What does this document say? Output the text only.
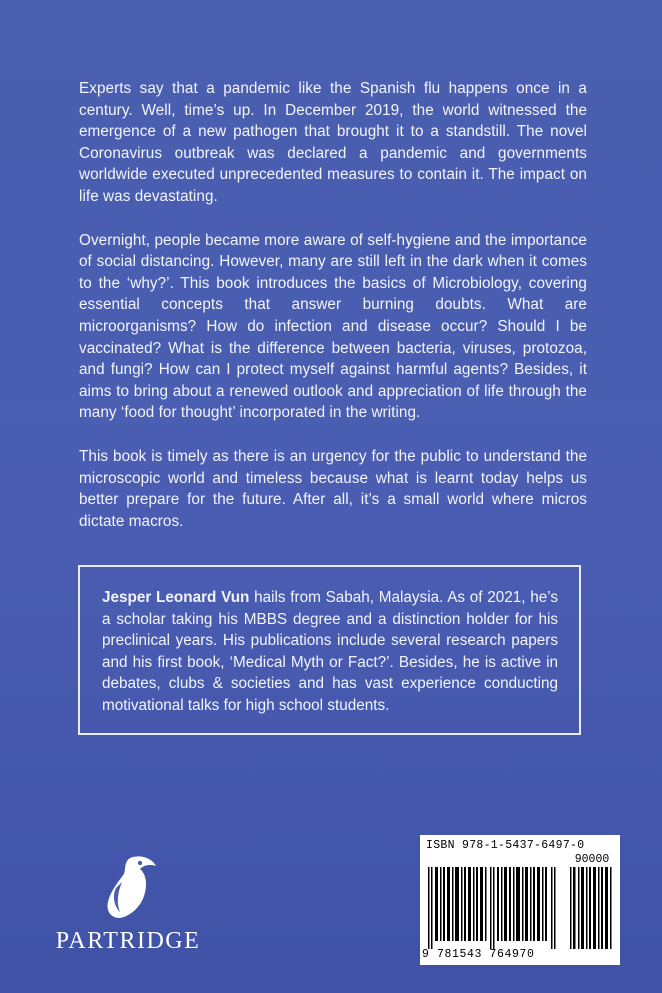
Experts say that a pandemic like the Spanish flu happens once in a century. Well, time’s up. In December 2019, the world witnessed the emergence of a new pathogen that brought it to a standstill. The novel Coronavirus outbreak was declared a pandemic and governments worldwide executed unprecedented measures to contain it. The impact on life was devastating.

Overnight, people became more aware of self-hygiene and the importance of social distancing. However, many are still left in the dark when it comes to the ‘why?’. This book introduces the basics of Microbiology, covering essential concepts that answer burning doubts. What are microorganisms? How do infection and disease occur? Should I be vaccinated? What is the difference between bacteria, viruses, protozoa, and fungi? How can I protect myself against harmful agents? Besides, it aims to bring about a renewed outlook and appreciation of life through the many ‘food for thought’ incorporated in the writing.

This book is timely as there is an urgency for the public to understand the microscopic world and timeless because what is learnt today helps us better prepare for the future. After all, it’s a small world where micros dictate macros.

Jesper Leonard Vun hails from Sabah, Malaysia. As of 2021, he’s a scholar taking his MBBS degree and a distinction holder for his preclinical years. His publications include several research papers and his first book, ‘Medical Myth or Fact?’. Besides, he is active in debates, clubs & societies and has vast experience conducting motivational talks for high school students.

PARTRIDGE
ISBN 978-1-5437-6497-0
90000
9 781543 764970
